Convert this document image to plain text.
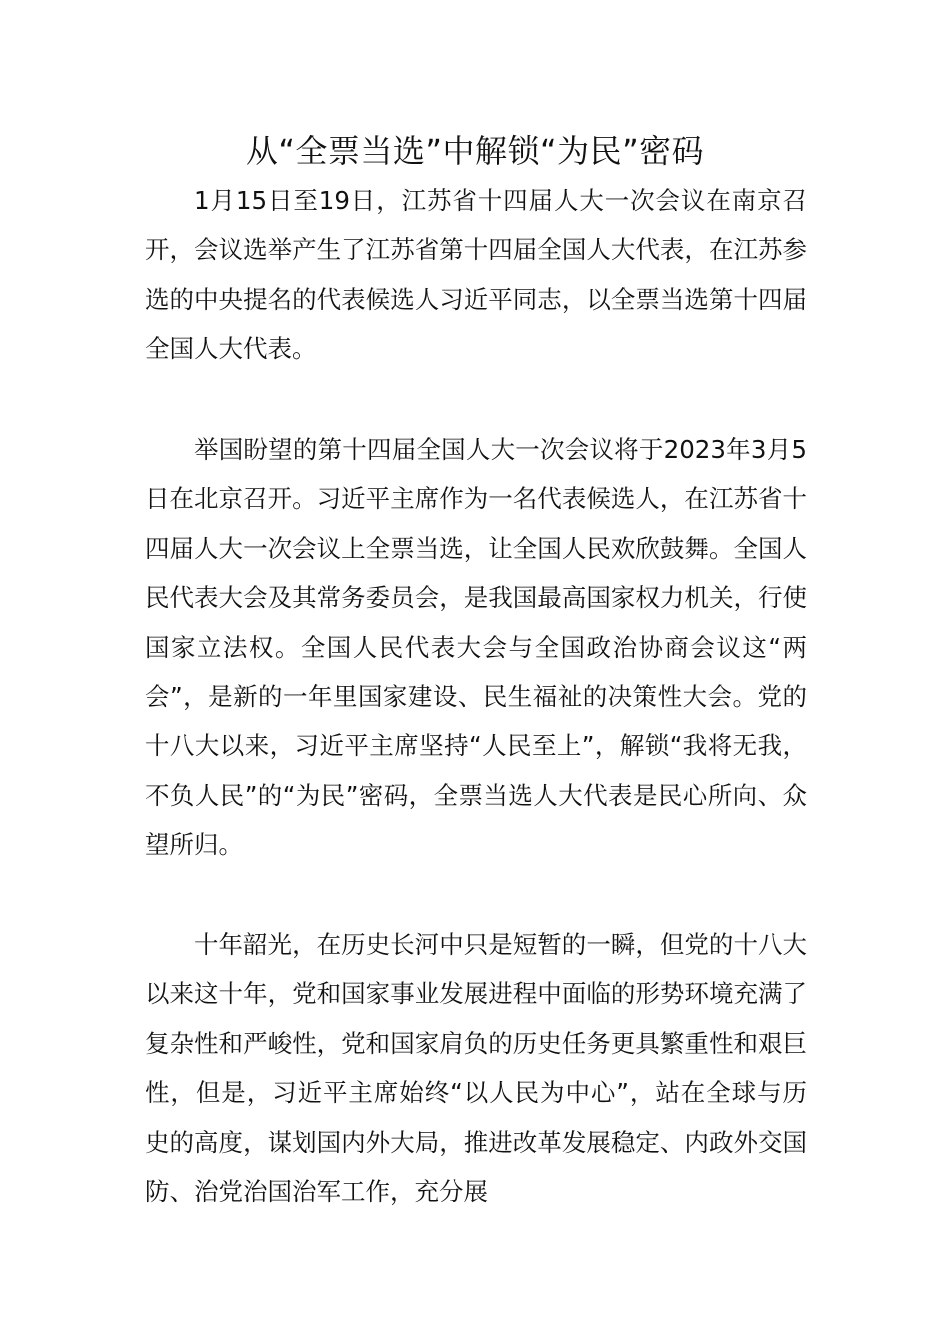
从“全票当选”中解锁“为民”密码

1月15日至19日，江苏省十四届人大一次会议在南京召开，会议选举产生了江苏省第十四届全国人大代表，在江苏参选的中央提名的代表候选人习近平同志，以全票当选第十四届全国人大代表。

举国盼望的第十四届全国人大一次会议将于2023年3月5日在北京召开。习近平主席作为一名代表候选人，在江苏省十四届人大一次会议上全票当选，让全国人民欢欣鼓舞。全国人民代表大会及其常务委员会，是我国最高国家权力机关，行使国家立法权。全国人民代表大会与全国政治协商会议这“两会”，是新的一年里国家建设、民生福祉的决策性大会。党的十八大以来，习近平主席坚持“人民至上”，解锁“我将无我，不负人民”的“为民”密码，全票当选人大代表是民心所向、众望所归。

十年韶光，在历史长河中只是短暂的一瞬，但党的十八大以来这十年，党和国家事业发展进程中面临的形势环境充满了复杂性和严峻性，党和国家肩负的历史任务更具繁重性和艰巨性，但是，习近平主席始终“以人民为中心”，站在全球与历史的高度，谋划国内外大局，推进改革发展稳定、内政外交国防、治党治国治军工作，充分展
